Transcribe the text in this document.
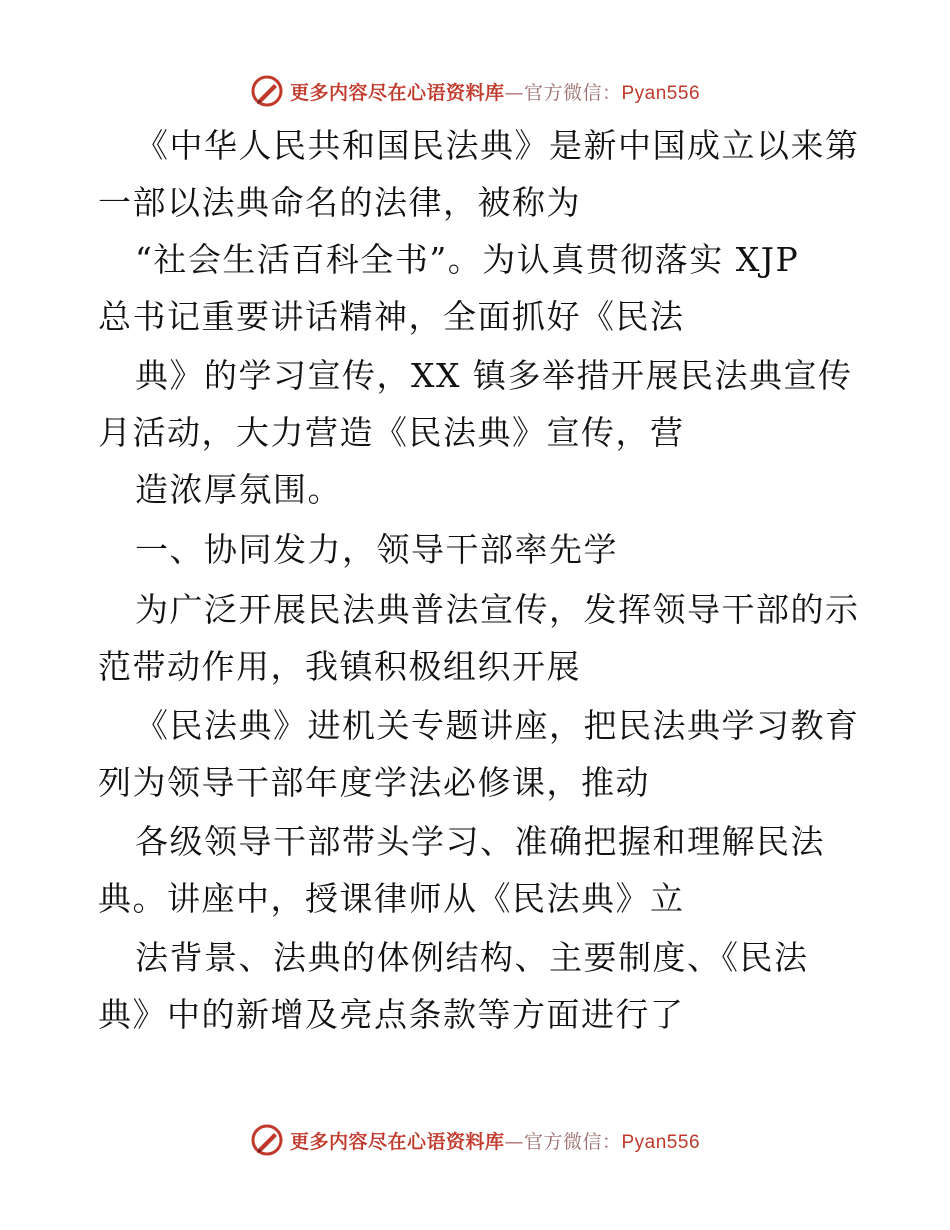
更多内容尽在心语资料库—官方微信：Pyan556
《中华人民共和国民法典》是新中国成立以来第
一部以法典命名的法律，被称为
“社会生活百科全书”。为认真贯彻落实 XJP
总书记重要讲话精神，全面抓好《民法
典》的学习宣传，XX 镇多举措开展民法典宣传
月活动，大力营造《民法典》宣传，营
造浓厚氛围。
一、协同发力，领导干部率先学
为广泛开展民法典普法宣传，发挥领导干部的示
范带动作用，我镇积极组织开展
《民法典》进机关专题讲座，把民法典学习教育
列为领导干部年度学法必修课，推动
各级领导干部带头学习、准确把握和理解民法
典。讲座中，授课律师从《民法典》立
法背景、法典的体例结构、主要制度、《民法
典》中的新增及亮点条款等方面进行了
更多内容尽在心语资料库—官方微信：Pyan556
